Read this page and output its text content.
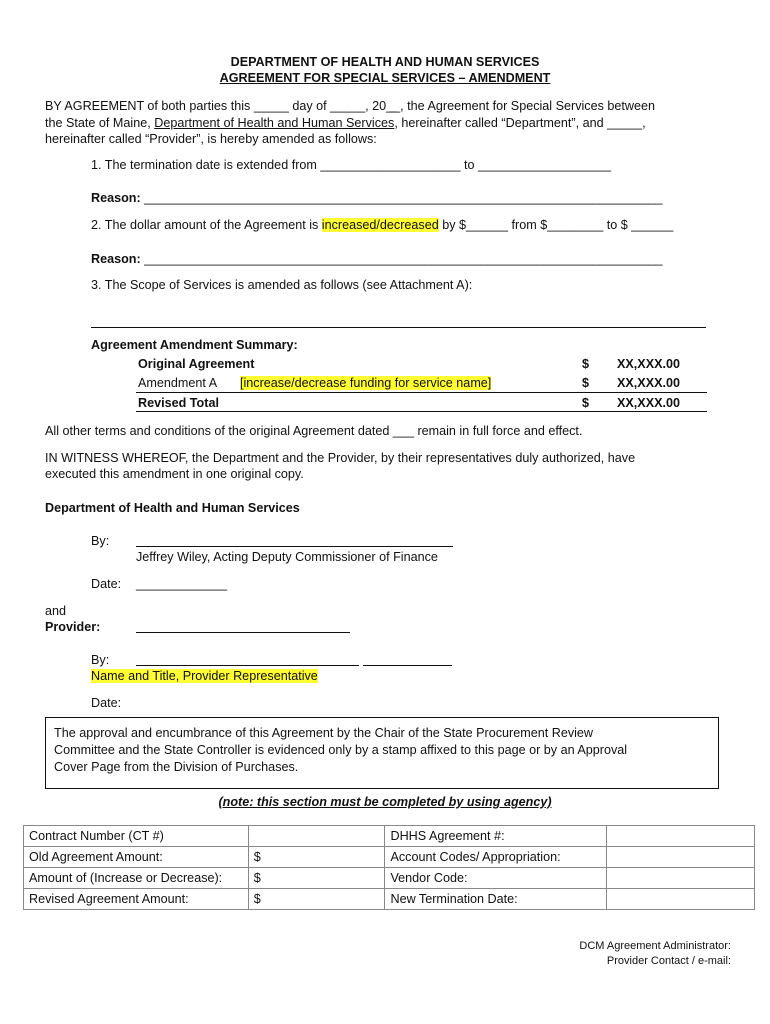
DEPARTMENT OF HEALTH AND HUMAN SERVICES
AGREEMENT FOR SPECIAL SERVICES – AMENDMENT
BY AGREEMENT of both parties this _____ day of _____, 20_̲_, the Agreement for Special Services between
the State of Maine, Department of Health and Human Services, hereinafter called “Department”, and _____,
hereinafter called “Provider”, is hereby amended as follows:
1. The termination date is extended from ____________________ to ___________________
Reason: __________________________________________________________________________
2. The dollar amount of the Agreement is increased/decreased by $______ from $________ to $ ______
Reason: __________________________________________________________________________
3. The Scope of Services is amended as follows (see Attachment A):
Agreement Amendment Summary:
Original Agreement	$ XX,XXX.00
Amendment A [increase/decrease funding for service name]	$ XX,XXX.00
Revised Total	$ XX,XXX.00
All other terms and conditions of the original Agreement dated ___ remain in full force and effect.
IN WITNESS WHEREOF, the Department and the Provider, by their representatives duly authorized, have
executed this amendment in one original copy.
Department of Health and Human Services
By:
Jeffrey Wiley, Acting Deputy Commissioner of Finance
Date: _____________
and
Provider:
By:
Name and Title, Provider Representative
Date:
The approval and encumbrance of this Agreement by the Chair of the State Procurement Review
Committee and the State Controller is evidenced only by a stamp affixed to this page or by an Approval
Cover Page from the Division of Purchases.
(note: this section must be completed by using agency)
Contract Number (CT #)		DHHS Agreement #:	
Old Agreement Amount:	$	Account Codes/ Appropriation:	
Amount of (Increase or Decrease):	$	Vendor Code:	
Revised Agreement Amount:	$	New Termination Date:	
DCM Agreement Administrator:
Provider Contact / e-mail:
